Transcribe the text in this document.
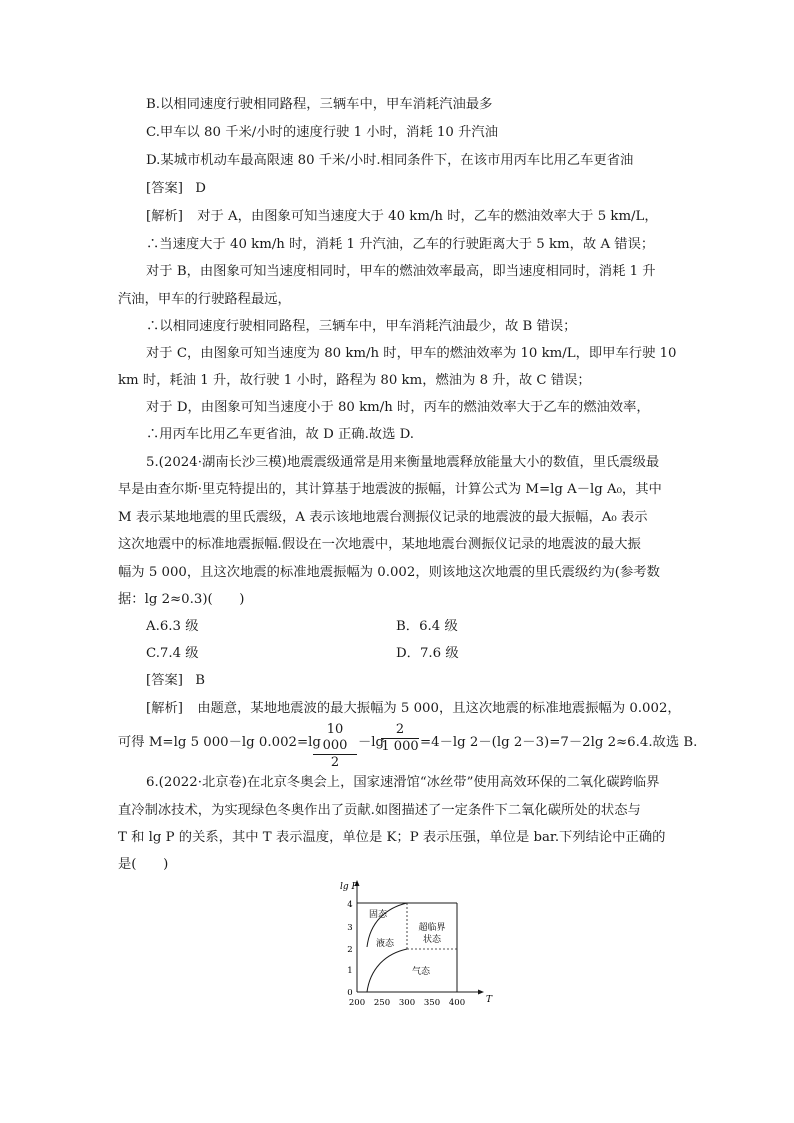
B.以相同速度行驶相同路程，三辆车中，甲车消耗汽油最多
C.甲车以 80 千米/小时的速度行驶 1 小时，消耗 10 升汽油
D.某城市机动车最高限速 80 千米/小时.相同条件下，在该市用丙车比用乙车更省油
[答案] D
[解析] 对于 A，由图象可知当速度大于 40 km/h 时，乙车的燃油效率大于 5 km/L，
∴当速度大于 40 km/h 时，消耗 1 升汽油，乙车的行驶距离大于 5 km，故 A 错误；
对于 B，由图象可知当速度相同时，甲车的燃油效率最高，即当速度相同时，消耗 1 升
汽油，甲车的行驶路程最远，
∴以相同速度行驶相同路程，三辆车中，甲车消耗汽油最少，故 B 错误；
对于 C，由图象可知当速度为 80 km/h 时，甲车的燃油效率为 10 km/L，即甲车行驶 10
km 时，耗油 1 升，故行驶 1 小时，路程为 80 km，燃油为 8 升，故 C 错误；
对于 D，由图象可知当速度小于 80 km/h 时，丙车的燃油效率大于乙车的燃油效率，
∴用丙车比用乙车更省油，故 D 正确.故选 D.
5.(2024·湖南长沙三模)地震震级通常是用来衡量地震释放能量大小的数值，里氏震级最
早是由查尔斯·里克特提出的，其计算基于地震波的振幅，计算公式为 M=lg A－lg A₀，其中
M 表示某地地震的里氏震级，A 表示该地地震台测振仪记录的地震波的最大振幅，A₀ 表示
这次地震中的标准地震振幅.假设在一次地震中，某地地震台测振仪记录的地震波的最大振
幅为 5 000，且这次地震的标准地震振幅为 0.002，则该地这次地震的里氏震级约为(参考数
据：lg 2≈0.3)(　　)
A.6.3 级	B．6.4 级
C.7.4 级	D．7.6 级
[答案] B
[解析] 由题意，某地地震波的最大振幅为 5 000，且这次地震的标准地震振幅为 0.002，
可得 M=lg 5 000－lg 0.002=lg
$\frac{10 000}{2} -\lg$
$\frac{2}{1 000} =4-\lg$ 2－(lg 2－3)=7－2lg 2≈6.4.故选 B.
6.(2022·北京卷)在北京冬奥会上，国家速滑馆“冰丝带”使用高效环保的二氧化碳跨临界
直冷制冰技术，为实现绿色冬奥作出了贡献.如图描述了一定条件下二氧化碳所处的状态与
T 和 lg P 的关系，其中 T 表示温度，单位是 K；P 表示压强，单位是 bar.下列结论中正确的
是(　　)
lg P
T
0
1
2
3
4
200 250 300 350 400
固态
液态
超临界
状态
气态
